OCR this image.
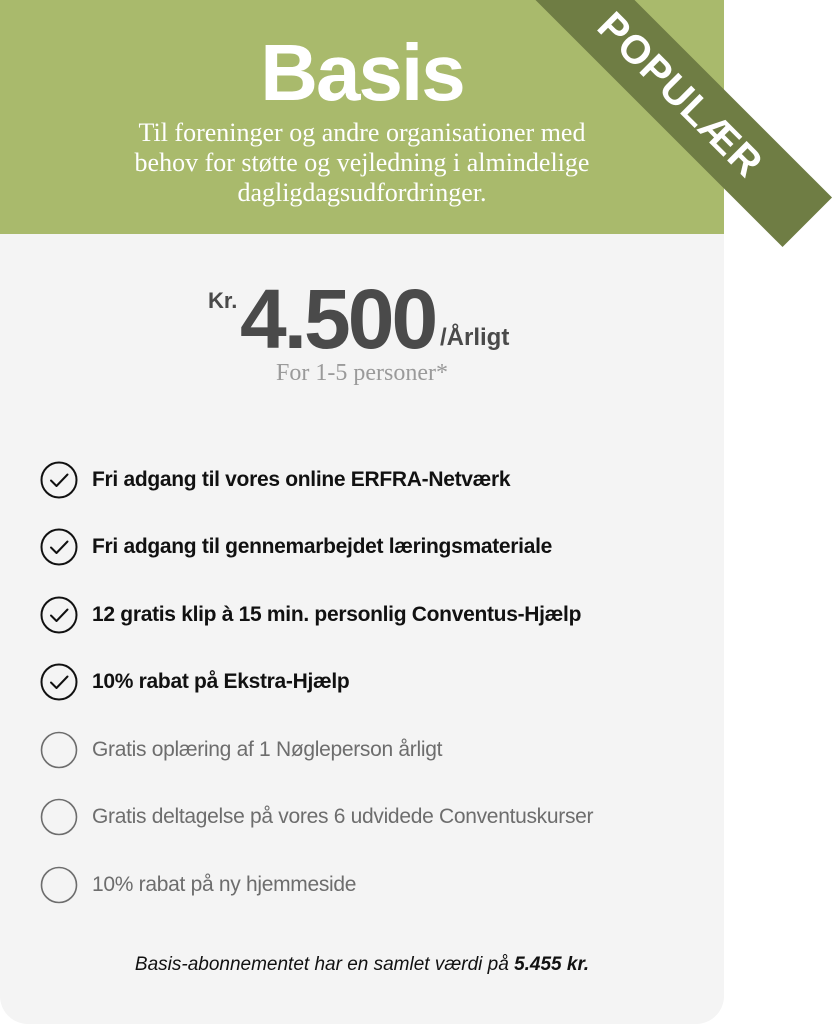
Basis
Til foreninger og andre organisationer med behov for støtte og vejledning i almindelige dagligdagsudfordringer.
POPULÆR
Kr. 4.500 /Årligt
For 1-5 personer*
Fri adgang til vores online ERFRA-Netværk
Fri adgang til gennemarbejdet læringsmateriale
12 gratis klip à 15 min. personlig Conventus-Hjælp
10% rabat på Ekstra-Hjælp
Gratis oplæring af 1 Nøgleperson årligt
Gratis deltagelse på vores 6 udvidede Conventuskurser
10% rabat på ny hjemmeside
Basis-abonnementet har en samlet værdi på 5.455 kr.
